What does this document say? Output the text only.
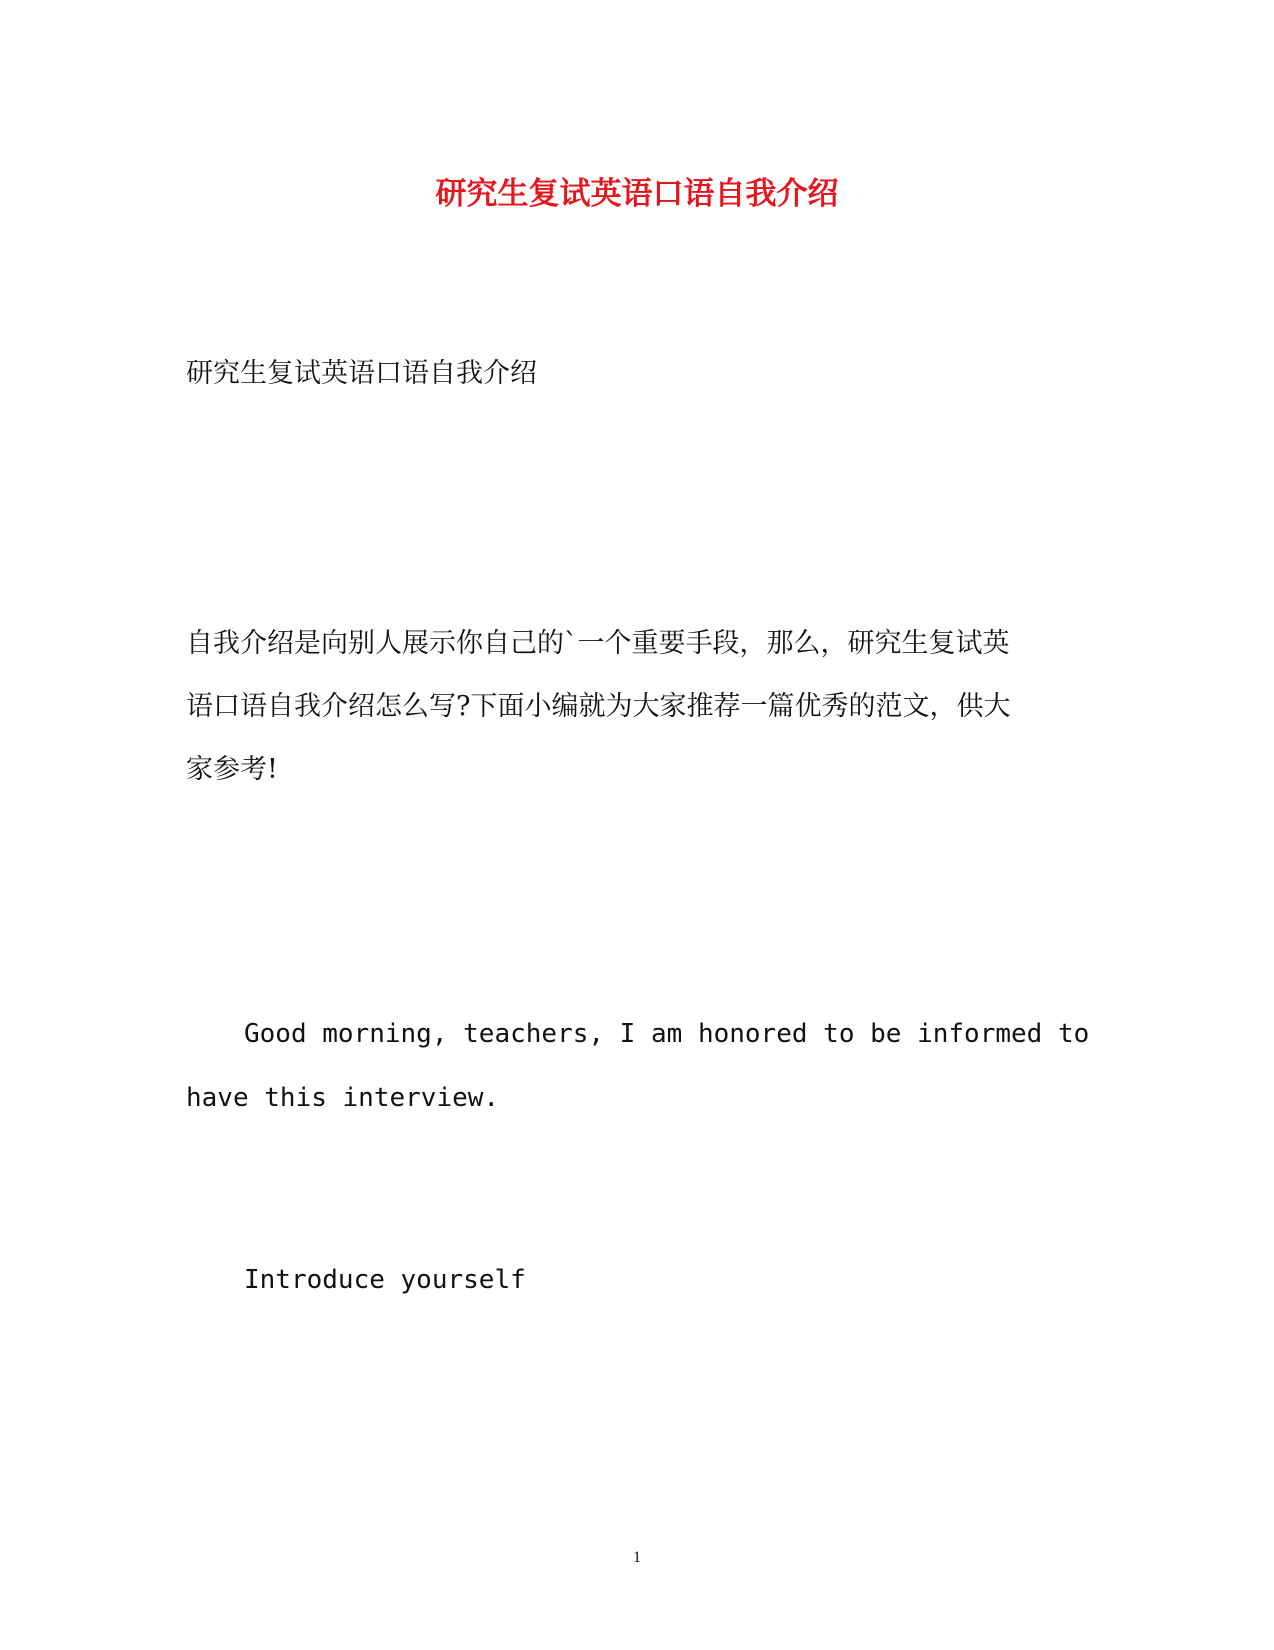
研究生复试英语口语自我介绍
研究生复试英语口语自我介绍
自我介绍是向别人展示你自己的`一个重要手段，那么，研究生复试英
语口语自我介绍怎么写?下面小编就为大家推荐一篇优秀的范文，供大
家参考!
Good morning, teachers, I am honored to be informed to
have this interview.
Introduce yourself
1
